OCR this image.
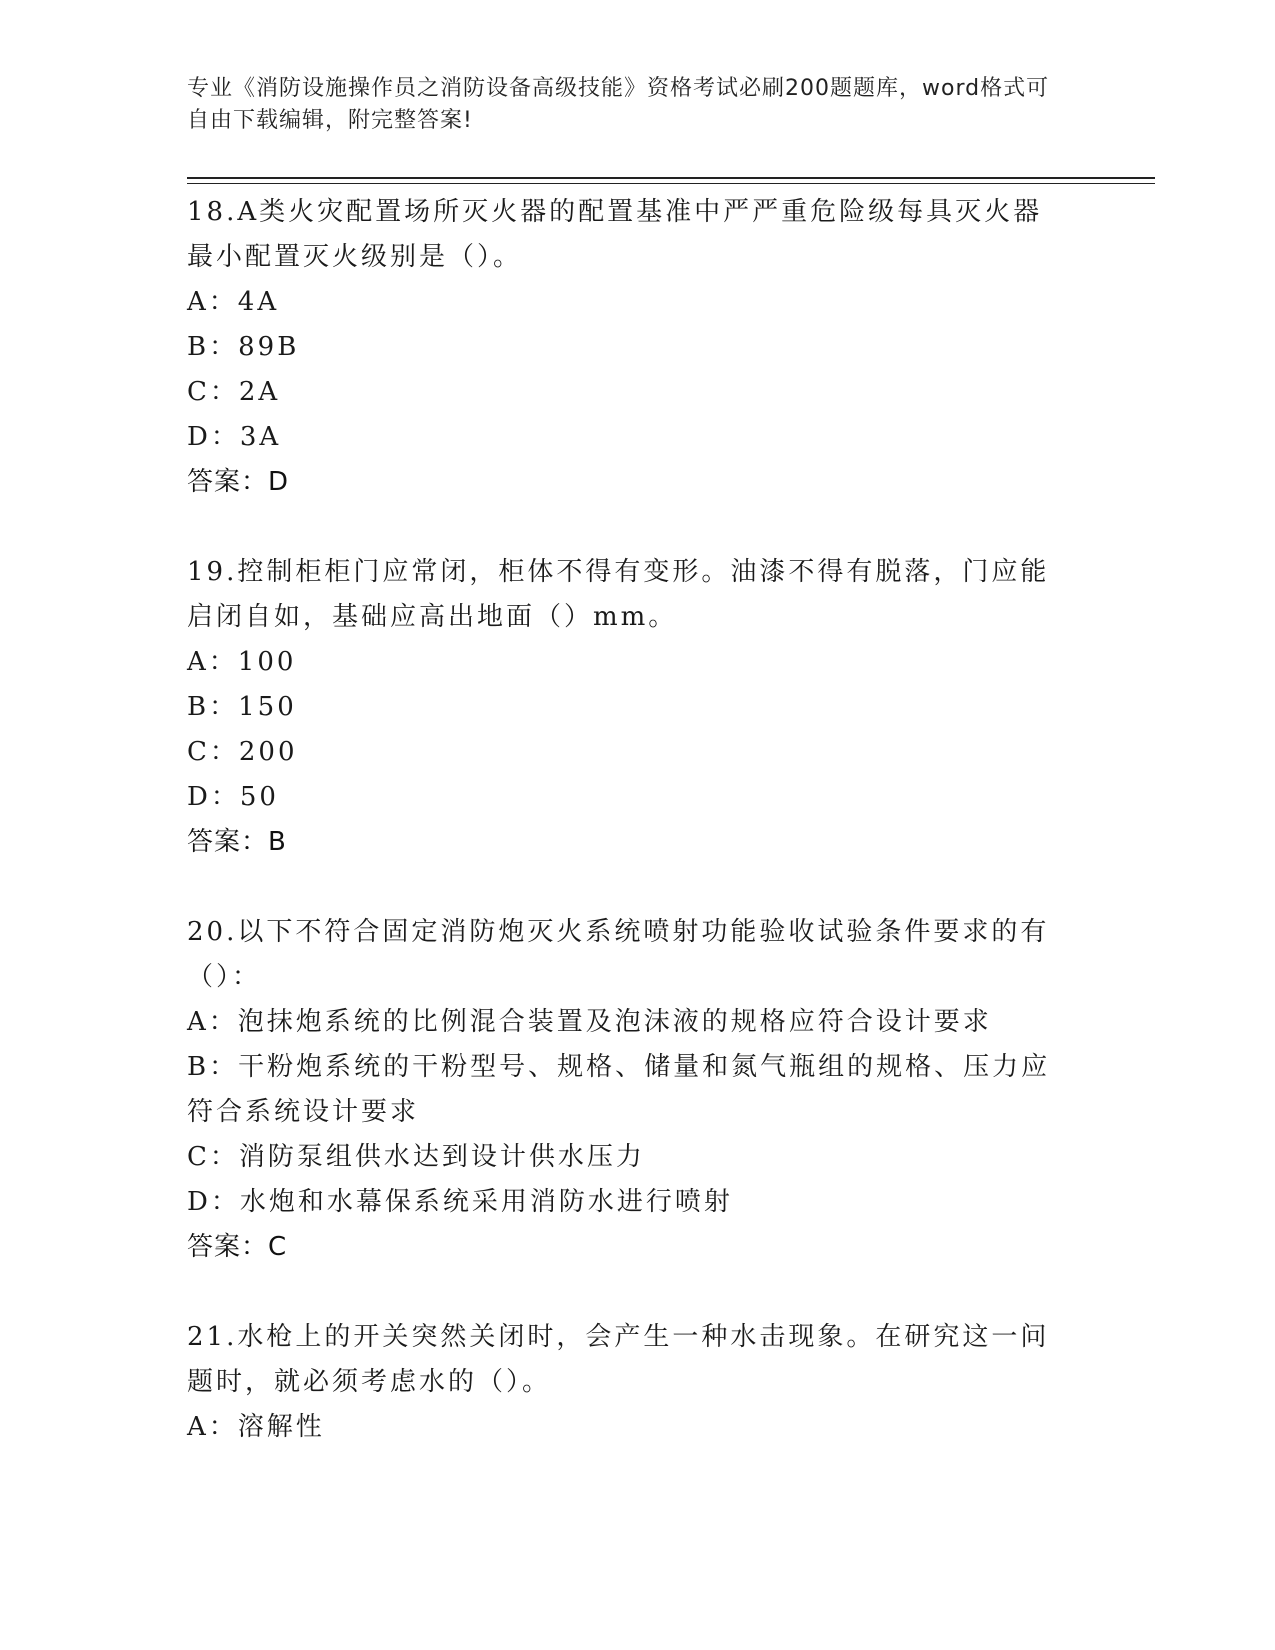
专业《消防设施操作员之消防设备高级技能》资格考试必刷200题题库，word格式可自由下载编辑，附完整答案!

18.A类火灾配置场所灭火器的配置基准中严严重危险级每具灭火器最小配置灭火级别是（）。

A：4A

B：89B

C：2A

D：3A

答案：D

19.控制柜柜门应常闭，柜体不得有变形。油漆不得有脱落，门应能启闭自如，基础应高出地面（）mm。

A：100

B：150

C：200

D：50

答案：B

20.以下不符合固定消防炮灭火系统喷射功能验收试验条件要求的有（）：

A：泡抹炮系统的比例混合装置及泡沫液的规格应符合设计要求

B：干粉炮系统的干粉型号、规格、储量和氮气瓶组的规格、压力应符合系统设计要求

C：消防泵组供水达到设计供水压力

D：水炮和水幕保系统采用消防水进行喷射

答案：C

21.水枪上的开关突然关闭时，会产生一种水击现象。在研究这一问题时，就必须考虑水的（）。

A：溶解性
